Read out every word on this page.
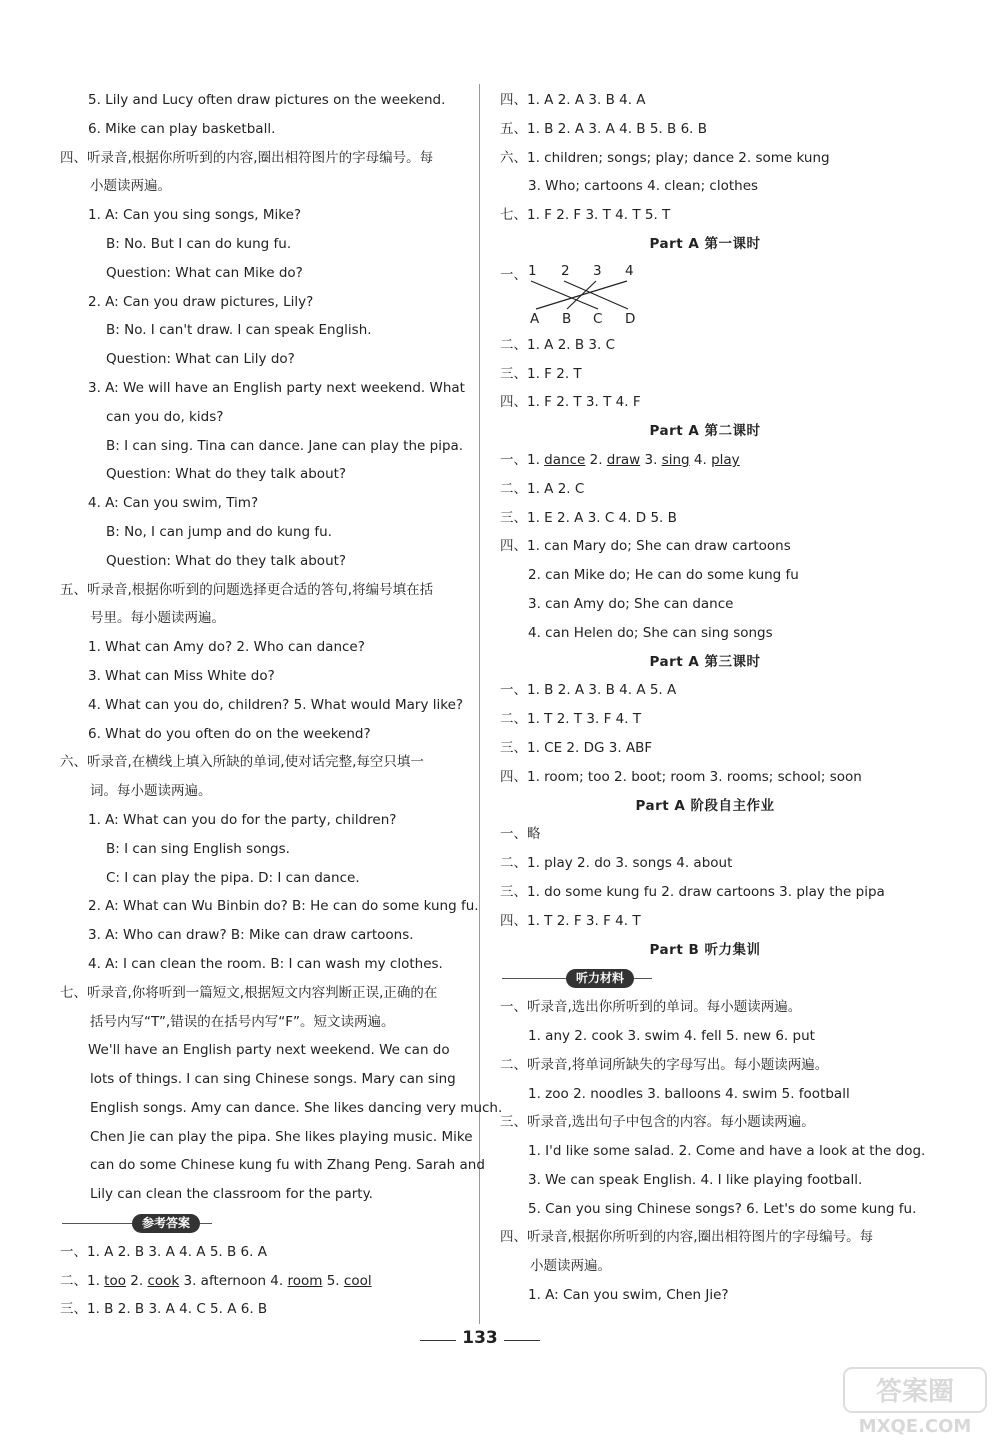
5. Lily and Lucy often draw pictures on the weekend.
6. Mike can play basketball.
四、听录音,根据你所听到的内容,圈出相符图片的字母编号。每
小题读两遍。
1. A: Can you sing songs, Mike?
B: No. But I can do kung fu.
Question: What can Mike do?
2. A: Can you draw pictures, Lily?
B: No. I can't draw. I can speak English.
Question: What can Lily do?
3. A: We will have an English party next weekend. What
can you do, kids?
B: I can sing. Tina can dance. Jane can play the pipa.
Question: What do they talk about?
4. A: Can you swim, Tim?
B: No, I can jump and do kung fu.
Question: What do they talk about?
五、听录音,根据你听到的问题选择更合适的答句,将编号填在括
号里。每小题读两遍。
1. What can Amy do? 2. Who can dance?
3. What can Miss White do?
4. What can you do, children? 5. What would Mary like?
6. What do you often do on the weekend?
六、听录音,在横线上填入所缺的单词,使对话完整,每空只填一
词。每小题读两遍。
1. A: What can you do for the party, children?
B: I can sing English songs.
C: I can play the pipa. D: I can dance.
2. A: What can Wu Binbin do? B: He can do some kung fu.
3. A: Who can draw? B: Mike can draw cartoons.
4. A: I can clean the room. B: I can wash my clothes.
七、听录音,你将听到一篇短文,根据短文内容判断正误,正确的在
括号内写“T”,错误的在括号内写“F”。短文读两遍。
We'll have an English party next weekend. We can do
lots of things. I can sing Chinese songs. Mary can sing
English songs. Amy can dance. She likes dancing very much.
Chen Jie can play the pipa. She likes playing music. Mike
can do some Chinese kung fu with Zhang Peng. Sarah and
Lily can clean the classroom for the party.
参考答案
一、1. A 2. B 3. A 4. A 5. B 6. A
二、1. too 2. cook 3. afternoon 4. room 5. cool
三、1. B 2. B 3. A 4. C 5. A 6. B
四、1. A 2. A 3. B 4. A
五、1. B 2. A 3. A 4. B 5. B 6. B
六、1. children; songs; play; dance 2. some kung
3. Who; cartoons 4. clean; clothes
七、1. F 2. F 3. T 4. T 5. T
Part A 第一课时
一、 1 2 3 4
A B C D
二、1. A 2. B 3. C
三、1. F 2. T
四、1. F 2. T 3. T 4. F
Part A 第二课时
一、1. dance 2. draw 3. sing 4. play
二、1. A 2. C
三、1. E 2. A 3. C 4. D 5. B
四、1. can Mary do; She can draw cartoons
2. can Mike do; He can do some kung fu
3. can Amy do; She can dance
4. can Helen do; She can sing songs
Part A 第三课时
一、1. B 2. A 3. B 4. A 5. A
二、1. T 2. T 3. F 4. T
三、1. CE 2. DG 3. ABF
四、1. room; too 2. boot; room 3. rooms; school; soon
Part A 阶段自主作业
一、略
二、1. play 2. do 3. songs 4. about
三、1. do some kung fu 2. draw cartoons 3. play the pipa
四、1. T 2. F 3. F 4. T
Part B 听力集训
听力材料
一、听录音,选出你所听到的单词。每小题读两遍。
1. any 2. cook 3. swim 4. fell 5. new 6. put
二、听录音,将单词所缺失的字母写出。每小题读两遍。
1. zoo 2. noodles 3. balloons 4. swim 5. football
三、听录音,选出句子中包含的内容。每小题读两遍。
1. I'd like some salad. 2. Come and have a look at the dog.
3. We can speak English. 4. I like playing football.
5. Can you sing Chinese songs? 6. Let's do some kung fu.
四、听录音,根据你所听到的内容,圈出相符图片的字母编号。每
小题读两遍。
1. A: Can you swim, Chen Jie?
133
答案圈
MXQE.COM
